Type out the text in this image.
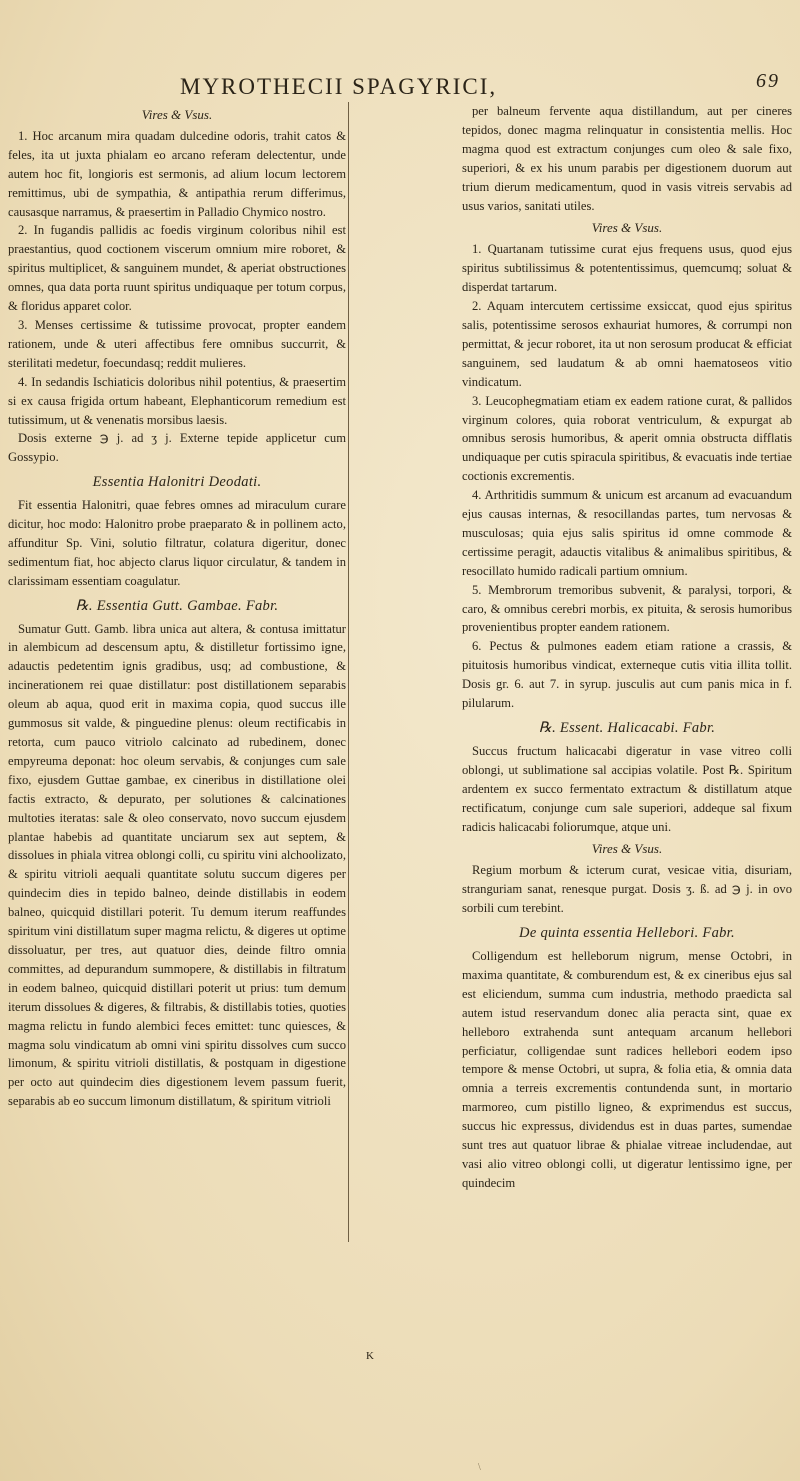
MYROTHECII SPAGYRICI,	69
Vires & Vsus.

1. Hoc arcanum mira quadam dulcedine odoris, trahit catos & feles, ita ut juxta phialam eo arcano referam delectentur, unde autem hoc fit, longioris est sermonis, ad alium locum lectorem remittimus, ubi de sympathia, & antipathia rerum differimus, causasque narramus, & praesertim in Palladio Chymico nostro.

2. In fugandis pallidis ac foedis virginum coloribus nihil est praestantius, quod coctionem viscerum omnium mire roboret, & spiritus multiplicet, & sanguinem mundet, & aperiat obstructiones omnes, qua data porta ruunt spiritus undiquaque per totum corpus, & floridus apparet color.

3. Menses certissime & tutissime provocat, propter eandem rationem, unde & uteri affectibus fere omnibus succurrit, & sterilitati medetur, foecundasq; reddit mulieres.

4. In sedandis Ischiaticis doloribus nihil potentius, & praesertim si ex causa frigida ortum habeant, Elephanticorum remedium est tutissimum, ut & venenatis morsibus laesis.

Dosis externe ℈ j. ad ʒ j. Externe tepide applicetur cum Gossypio.

Essentia Halonitri Deodati.

Fit essentia Halonitri, quae febres omnes ad miraculum curare dicitur, hoc modo: Halonitro probe praeparato & in pollinem acto, affunditur Sp. Vini, solutio filtratur, colatura digeritur, donec sedimentum fiat, hoc abjecto clarus liquor circulatur, & tandem in clarissimam essentiam coagulatur.

℞. Essentia Gutt. Gambae. Fabr.

Sumatur Gutt. Gamb. libra unica aut altera, & contusa imittatur in alembicum ad descensum aptu, & distilletur fortissimo igne, adauctis pedetentim ignis gradibus, usq; ad combustione, & incinerationem rei quae distillatur: post distillationem separabis oleum ab aqua, quod erit in maxima copia, quod succus ille gummosus sit valde, & pinguedine plenus: oleum rectificabis in retorta, cum pauco vitriolo calcinato ad rubedinem, donec empyreuma deponat: hoc oleum servabis, & conjunges cum sale fixo, ejusdem Guttae gambae, ex cineribus in distillatione olei factis extracto, & depurato, per solutiones & calcinationes multoties iteratas: sale & oleo conservato, novo succum ejusdem plantae habebis ad quantitate unciarum sex aut septem, & dissolues in phiala vitrea oblongi colli, cu spiritu vini alchoolizato, & spiritu vitrioli aequali quantitate solutu succum digeres per quindecim dies in tepido balneo, deinde distillabis in eodem balneo, quicquid distillari poterit. Tu demum iterum reaffundes spiritum vini distillatum super magma relictu, & digeres ut optime dissoluatur, per tres, aut quatuor dies, deinde filtro omnia committes, ad depurandum summopere, & distillabis in filtratum in eodem balneo, quicquid distillari poterit ut prius: tum demum iterum dissolues & digeres, & filtrabis, & distillabis toties, quoties magma relictu in fundo alembici feces emittet: tunc quiesces, & magma solu vindicatum ab omni vini spiritu dissolves cum succo limonum, & spiritu vitrioli distillatis, & postquam in digestione per octo aut quindecim dies digestionem levem passum fuerit, separabis ab eo succum limonum distillatum, & spiritum vitrioli

per balneum fervente aqua distillandum, aut per cineres tepidos, donec magma relinquatur in consistentia mellis. Hoc magma quod est extractum conjunges cum oleo & sale fixo, superiori, & ex his unum parabis per digestionem duorum aut trium dierum medicamentum, quod in vasis vitreis servabis ad usus varios, sanitati utiles.

Vires & Vsus.

1. Quartanam tutissime curat ejus frequens usus, quod ejus spiritus subtilissimus & potententissimus, quemcumq; soluat & disperdat tartarum.

2. Aquam intercutem certissime exsiccat, quod ejus spiritus salis, potentissime serosos exhauriat humores, & corrumpi non permittat, & jecur roboret, ita ut non serosum producat & efficiat sanguinem, sed laudatum & ab omni haematoseos vitio vindicatum.

3. Leucophegmatiam etiam ex eadem ratione curat, & pallidos virginum colores, quia roborat ventriculum, & expurgat ab omnibus serosis humoribus, & aperit omnia obstructa difflatis undiquaque per cutis spiracula spiritibus, & evacuatis inde tertiae coctionis excrementis.

4. Arthritidis summum & unicum est arcanum ad evacuandum ejus causas internas, & resocillandas partes, tum nervosas & musculosas; quia ejus salis spiritus id omne commode & certissime peragit, adauctis vitalibus & animalibus spiritibus, & resocillato humido radicali partium omnium.

5. Membrorum tremoribus subvenit, & paralysi, torpori, & caro, & omnibus cerebri morbis, ex pituita, & serosis humoribus provenientibus propter eandem rationem.

6. Pectus & pulmones eadem etiam ratione a crassis, & pituitosis humoribus vindicat, externeque cutis vitia illita tollit. Dosis gr. 6. aut 7. in syrup. jusculis aut cum panis mica in f. pilularum.

℞. Essent. Halicacabi. Fabr.

Succus fructum halicacabi digeratur in vase vitreo colli oblongi, ut sublimatione sal accipias volatile. Post ℞. Spiritum ardentem ex succo fermentato extractum & distillatum atque rectificatum, conjunge cum sale superiori, addeque sal fixum radicis halicacabi foliorumque, atque uni.

Vires & Vsus.

Regium morbum & icterum curat, vesicae vitia, disuriam, stranguriam sanat, renesque purgat. Dosis ʒ. ß. ad ℈ j. in ovo sorbili cum terebint.

De quinta essentia Hellebori. Fabr.

Colligendum est helleborum nigrum, mense Octobri, in maxima quantitate, & comburendum est, & ex cineribus ejus sal est eliciendum, summa cum industria, methodo praedicta sal autem istud reservandum donec alia peracta sint, quae ex helleboro extrahenda sunt antequam arcanum hellebori perficiatur, colligendae sunt radices hellebori eodem ipso tempore & mense Octobri, ut supra, & folia etia, & omnia data omnia a terreis excrementis contundenda sunt, in mortario marmoreo, cum pistillo ligneo, & exprimendus est succus, succus hic expressus, dividendus est in duas partes, sumendae sunt tres aut quatuor librae & phialae vitreae includendae, aut vasi alio vitreo oblongi colli, ut digeratur lentissimo igne, per quindecim

K
\
